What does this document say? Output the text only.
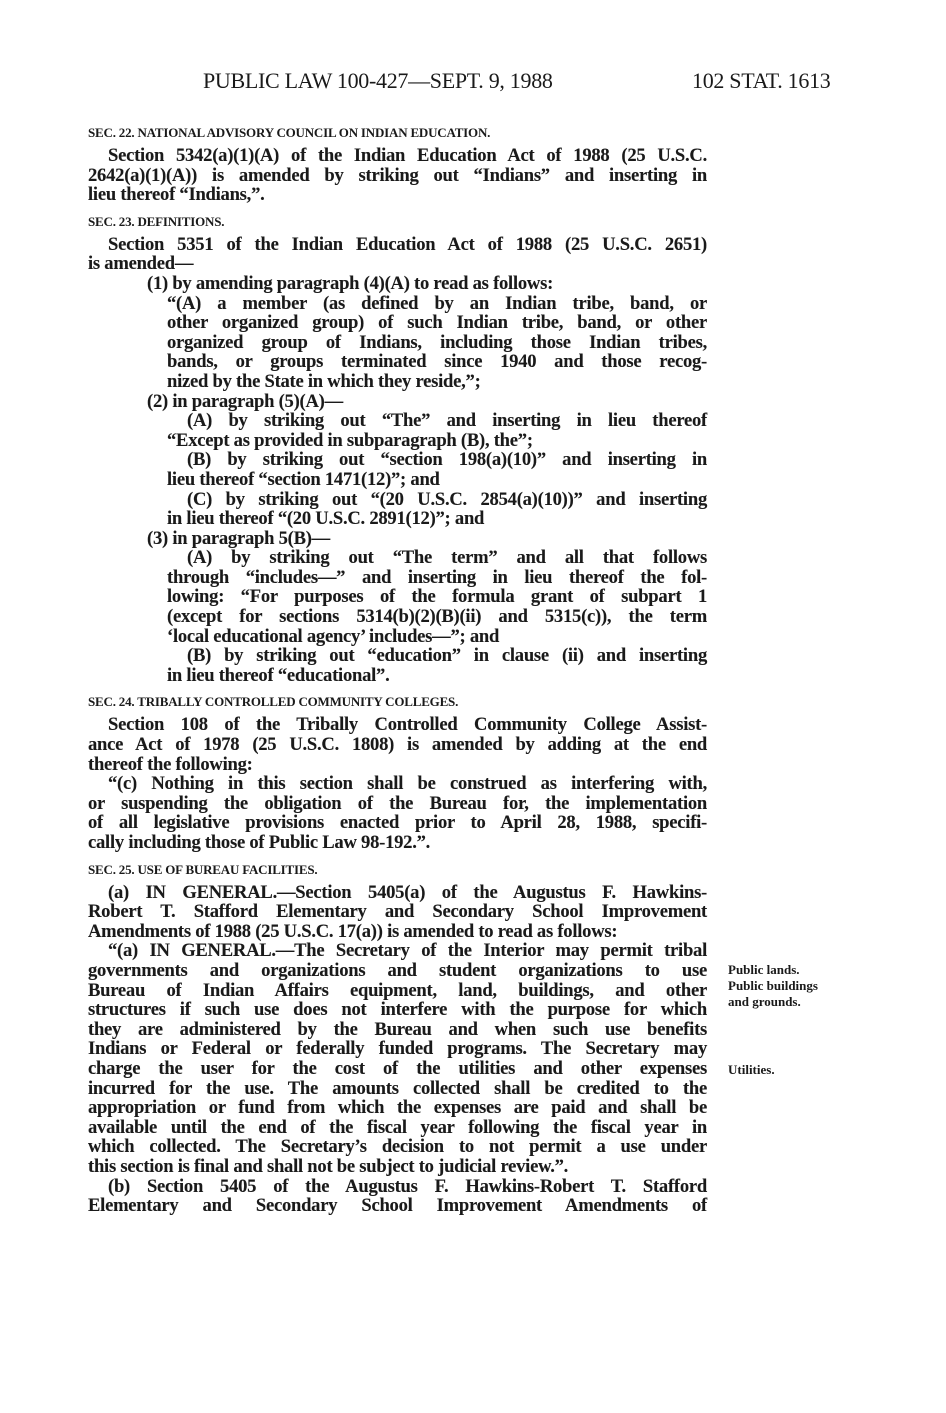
PUBLIC LAW 100-427—SEPT. 9, 1988	102 STAT. 1613
SEC. 22. NATIONAL ADVISORY COUNCIL ON INDIAN EDUCATION.
Section 5342(a)(1)(A) of the Indian Education Act of 1988 (25 U.S.C.
2642(a)(1)(A)) is amended by striking out “Indians” and inserting in
lieu thereof “Indians,”.
SEC. 23. DEFINITIONS.
Section 5351 of the Indian Education Act of 1988 (25 U.S.C. 2651)
is amended—
(1) by amending paragraph (4)(A) to read as follows:
“(A) a member (as defined by an Indian tribe, band, or
other organized group) of such Indian tribe, band, or other
organized group of Indians, including those Indian tribes,
bands, or groups terminated since 1940 and those recog-
nized by the State in which they reside,”;
(2) in paragraph (5)(A)—
(A) by striking out “The” and inserting in lieu thereof
“Except as provided in subparagraph (B), the”;
(B) by striking out “section 198(a)(10)” and inserting in
lieu thereof “section 1471(12)”; and
(C) by striking out “(20 U.S.C. 2854(a)(10))” and inserting
in lieu thereof “(20 U.S.C. 2891(12)”; and
(3) in paragraph 5(B)—
(A) by striking out “The term” and all that follows
through “includes—” and inserting in lieu thereof the fol-
lowing: “For purposes of the formula grant of subpart 1
(except for sections 5314(b)(2)(B)(ii) and 5315(c)), the term
‘local educational agency’ includes—”; and
(B) by striking out “education” in clause (ii) and inserting
in lieu thereof “educational”.
SEC. 24. TRIBALLY CONTROLLED COMMUNITY COLLEGES.
Section 108 of the Tribally Controlled Community College Assist-
ance Act of 1978 (25 U.S.C. 1808) is amended by adding at the end
thereof the following:
“(c) Nothing in this section shall be construed as interfering with,
or suspending the obligation of the Bureau for, the implementation
of all legislative provisions enacted prior to April 28, 1988, specifi-
cally including those of Public Law 98-192.”.
SEC. 25. USE OF BUREAU FACILITIES.
(a) IN GENERAL.—Section 5405(a) of the Augustus F. Hawkins-
Robert T. Stafford Elementary and Secondary School Improvement
Amendments of 1988 (25 U.S.C. 17(a)) is amended to read as follows:
“(a) IN GENERAL.—The Secretary of the Interior may permit tribal
governments and organizations and student organizations to use
Bureau of Indian Affairs equipment, land, buildings, and other
structures if such use does not interfere with the purpose for which
they are administered by the Bureau and when such use benefits
Indians or Federal or federally funded programs. The Secretary may
charge the user for the cost of the utilities and other expenses
incurred for the use. The amounts collected shall be credited to the
appropriation or fund from which the expenses are paid and shall be
available until the end of the fiscal year following the fiscal year in
which collected. The Secretary’s decision to not permit a use under
this section is final and shall not be subject to judicial review.”.
(b) Section 5405 of the Augustus F. Hawkins-Robert T. Stafford
Elementary and Secondary School Improvement Amendments of
Public lands.
Public buildings
and grounds.
Utilities.
